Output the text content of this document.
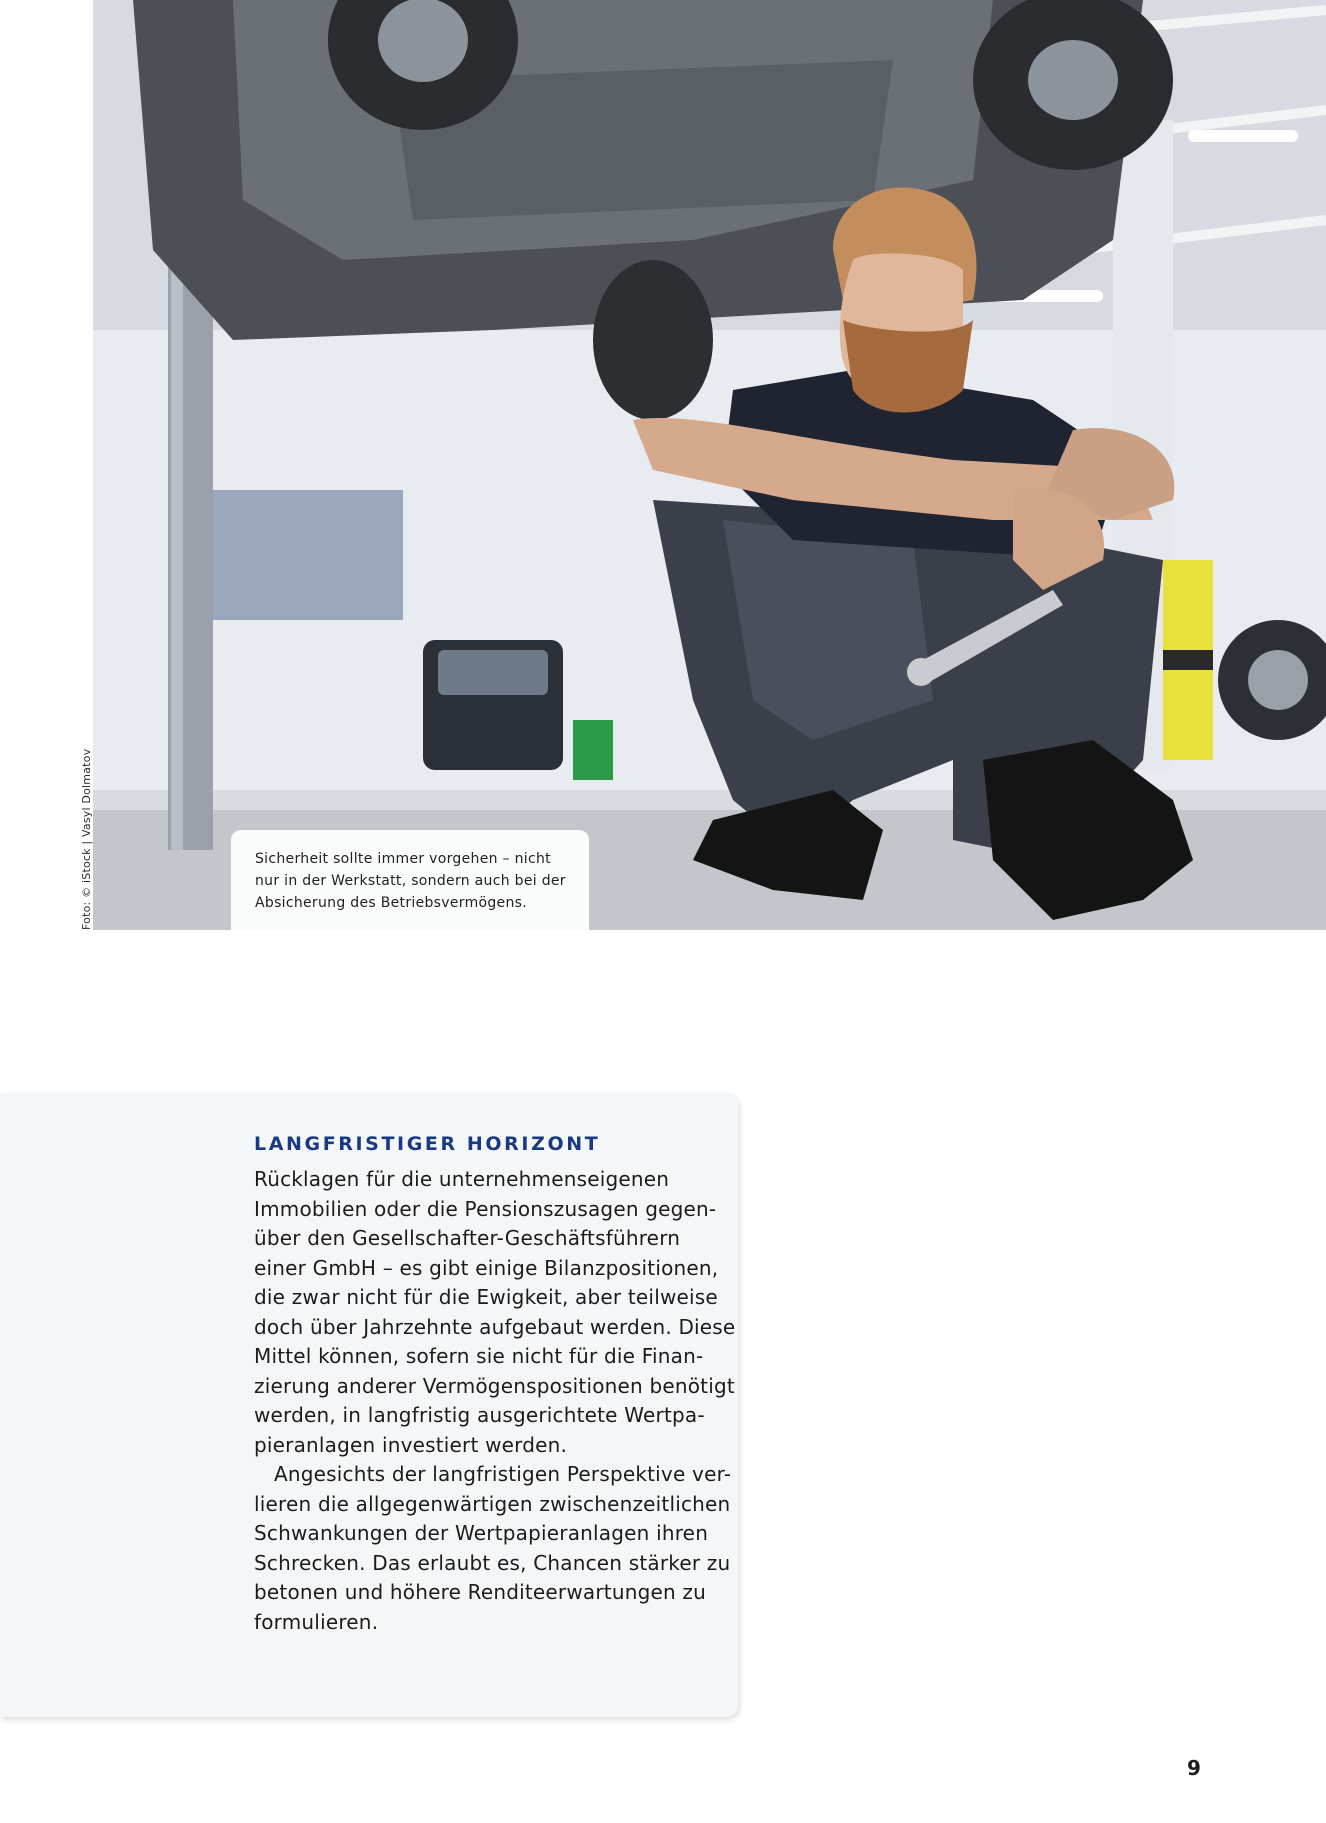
Foto: © iStock | Vasyl Dolmatov	Sicherheit sollte immer vorgehen – nicht
nur in der Werkstatt, sondern auch bei der
Absicherung des Betriebsvermögens.
LANGFRISTIGER HORIZONT
Rücklagen für die unternehmenseigenen
Immobilien oder die Pensionszusagen gegen-
über den Gesellschafter-Geschäftsführern
einer GmbH – es gibt einige Bilanzpositionen,
die zwar nicht für die Ewigkeit, aber teilweise
doch über Jahrzehnte aufgebaut werden. Diese
Mittel können, sofern sie nicht für die Finan-
zierung anderer Vermögenspositionen benötigt
werden, in langfristig ausgerichtete Wertpa-
pieranlagen investiert werden.
Angesichts der langfristigen Perspektive ver-
lieren die allgegenwärtigen zwischenzeitlichen
Schwankungen der Wertpapieranlagen ihren
Schrecken. Das erlaubt es, Chancen stärker zu
betonen und höhere Renditeerwartungen zu
formulieren.
9
